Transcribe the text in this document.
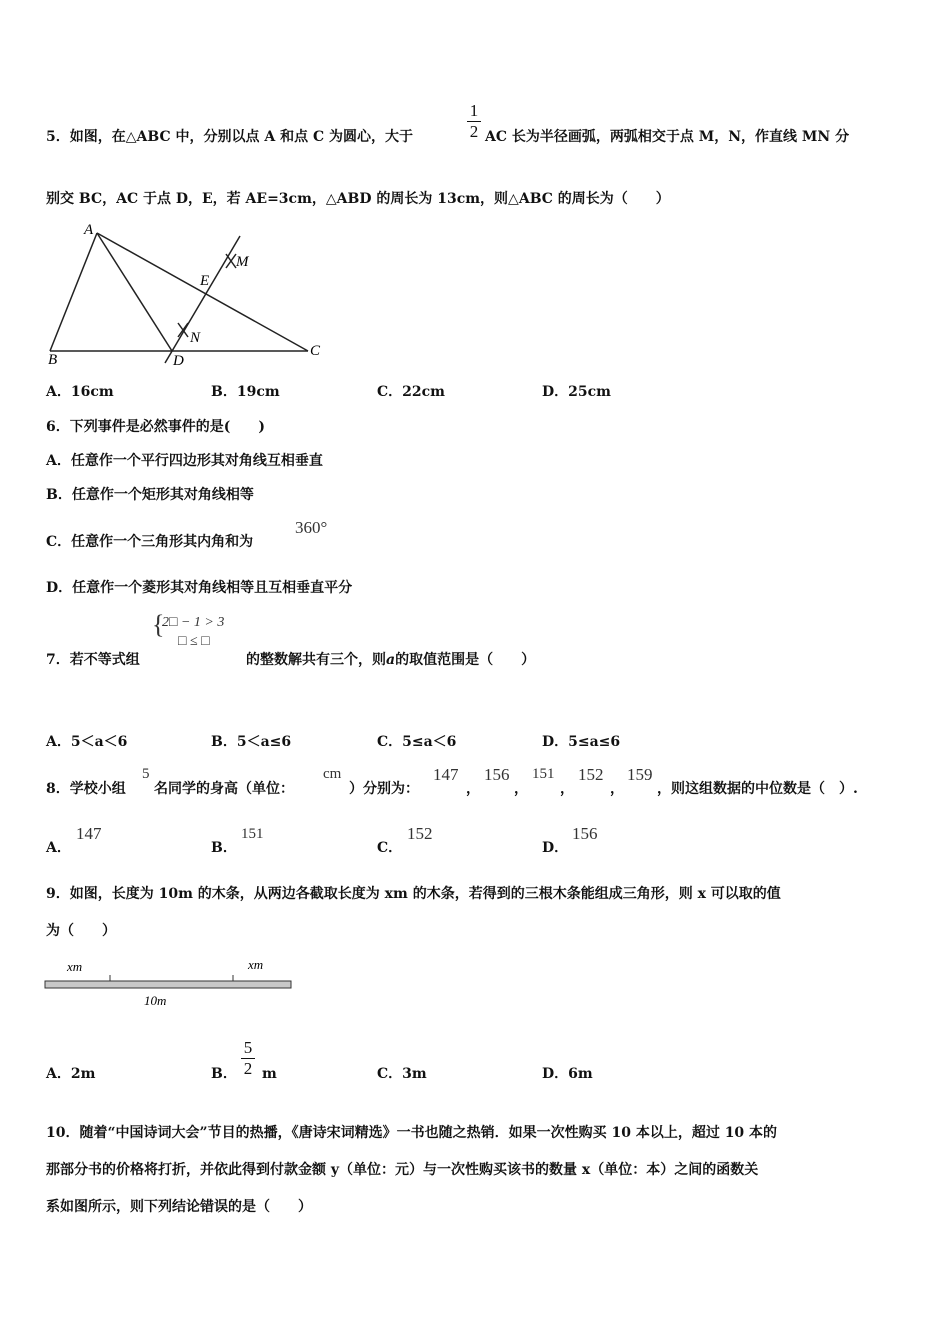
5．如图，在△ABC 中，分别以点 A 和点 C 为圆心，大于
1
2 AC 长为半径画弧，两弧相交于点 M，N，作直线 MN 分
别交 BC，AC 于点 D，E，若 AE=3cm，△ABD 的周长为 13cm，则△ABC 的周长为（　　）
A
B
C
D
E
M
N
A．16cm	B．19cm	C．22cm	D．25cm
6．下列事件是必然事件的是(　　)
A．任意作一个平行四边形其对角线互相垂直
B．任意作一个矩形其对角线相等
C．任意作一个三角形其内角和为
360°
D．任意作一个菱形其对角线相等且互相垂直平分
7．若不等式组
{
2□ − 1 > 3
□ ≤ □
的整数解共有三个，则a的取值范围是（　　）
A．5＜a＜6	B．5＜a≤6	C．5≤a＜6	D．5≤a≤6
8．学校小组
5
名同学的身高（单位：
cm
）分别为：
147
，
156
，
151
，
152
，
159
，则这组数据的中位数是（　）.
A．
147
B．
151
C．
152
D．
156
9．如图，长度为 10m 的木条，从两边各截取长度为 xm 的木条，若得到的三根木条能组成三角形，则 x 可以取的值
为（　　）
xm	xm
10m
A．2m	B．
5
2 m	C．3m	D．6m
10．随着“中国诗词大会”节目的热播，《唐诗宋词精选》一书也随之热销．如果一次性购买 10 本以上，超过 10 本的
那部分书的价格将打折，并依此得到付款金额 y（单位：元）与一次性购买该书的数量 x（单位：本）之间的函数关
系如图所示，则下列结论错误的是（　　）
